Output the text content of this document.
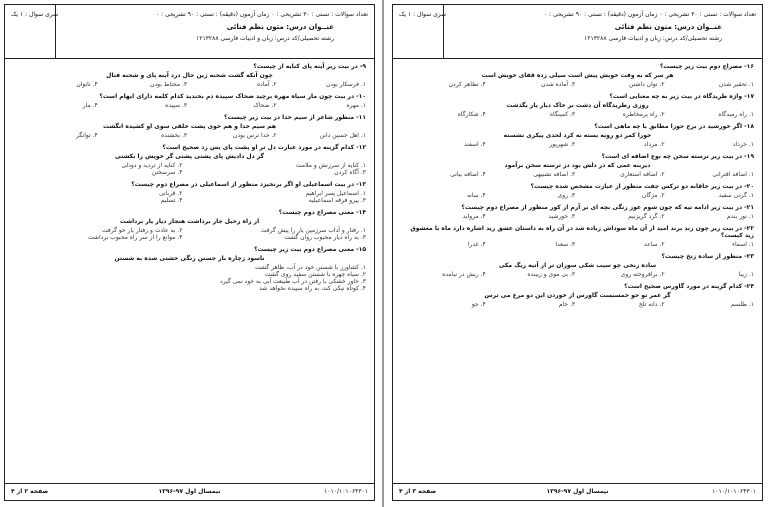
سری سوال : ۱ یک	تعداد سوالات : تستی : ۳۰ تشریحی : ۰ زمان آزمون (دقیقه) : تستی : ۹۰ تشریحی : ۰
عنــوان درس: متون نظم فنائی
رشته تحصیلی/کد درس: زبان و ادبیات فارسی ۱۲۱۳۲۸۸
۹- در بیت زیر آینه پای کنایه از چیست؟
چون آنکه گشت شحنه زین حال درد آینه پای و شحنه فنال
۱. فرسکار بودن
۲. آماده
۳. محتاط بودن
۴. ناتوان
۱۰- در بیت چون مار سیاه مهره برچید ضحاک سپیده دم بخندید کدام کلمه دارای ایهام است؟
۱. مهره
۲. ضحاک
۳. سپیده
۴. مار
۱۱- منظور شاعر از سیم خدا در بیت زیر چیست؟
هم سیم خدا و هم خوی پشت خلقی سوی او کشیده انگشت
۱. اهل حسین دانن
۲. خدا ترس بودن
۳. بخشنده
۴. توانگر
۱۲- کدام گزینه در مورد عبارت دل تر او پشت پای بس زد صحیح است؟
گر دل دادیش پای پشتی پشتی گر خویش را بکشتی
۱. کنایه از سرزنش و ملامت
۲. کنایه از تردید و دودلی
۳. آگاه کردن
۴. سرسختن
۱۳- در بیت اسماعیلی او اگر برنخیزد منظور از اسماعیلی در مصراع دوم چیست؟
۱. اسماعیل پسر ابراهیم
۲. قربانی
۳. پیرو فرقه اسماعیلیه
۴. تسلیم
۱۴- معنی مصراع دوم چیست؟
از راه رحیل جار برداشت هنجار دیار یار برداشت
۱. رفتار و آداب سرزمین یار را پیش گرفت
۲. به عادت و رفتار یار خو گرفت
۳. به راه دیار محبوب روان گشت
۴. موانع را از سر راه محبوب برداشت
۱۵- معنی مصراع دوم بیت زیر چیست؟
ناسود زچاره باز جستن زنگی خشتی شده به شستن
۱. کشاورز با شستن خود در آب، ظاهر گشت
۲. سیاه چهره با شستن سفید روی گشت
۳. خاور خشکی با رفتن در آب طبیعت آبی به خود نمی گیرد
۴. کوتاه نیکی کند، به راه سپیده نخواهد شد
صفحه ۲ از ۴	نیمسال اول ۹۷-۱۳۹۶	۱۰۱۰/۱۰۱۰۶۴۳۰۱
سری سوال : ۱ یک	تعداد سوالات : تستی : ۳۰ تشریحی : ۰ زمان آزمون (دقیقه) : تستی : ۹۰ تشریحی : ۰
عنــوان درس: متون نظم فنائی
رشته تحصیلی/کد درس: زبان و ادبیات فارسی ۱۲۱۳۲۸۸
۱۶- مصراع دوم بیت زیر چیست؟
هر سر که به وقت خویش پیش است سیلی زده قفای خویش است
۱. تحقیر شدن
۲. توان داشتن
۳. آماده شدن
۴. تظاهر کردن
۱۷- واژه طریدگاه در بیت زیر به چه معنایی است؟
روزی رطریدگاه آن دشت بر خاک دیار یار بگذشت
۱. راه رمیدگاه
۲. راه پرمخاطره
۳. کمینگاه
۴. شکارگاه
۱۸- اگر خورشید در برج حوزا مطابق با چه ماهی است؟
حورا کمر دو رویه بسته نه کرد لحدی پیکری نشسته
۱. خرداد
۲. مرداد
۳. شهریور
۴. اسفند
۱۹- در بیت زیر ترسته سخن چه نوع اضافه ای است؟
دیربنه عمی که در دلش بود در ترسته سخن برآمود
۱. اضافه اقترانی
۲. اضافه استعاری
۳. اضافه تشبیهی
۴. اضافه بیانی
۲۰- در بیت زیر خاقانه دو ترکس جفت منظور از عبارت مشخص شده چیست؟
۱. گردن سفید
۲. مژگان
۳. روی
۴. سانه
۲۱- در بیت زیر ادامه تیه که چون شوم عوز زنگی بچه ای بر آرم از کور منظور از مصراع دوم چیست؟
۱. نور بندم
۲. گرد گریزنیم
۳. خورشید
۴. مرواید
۲۲- در بیت زیر چون زند برند امید از آن ماه سوداش زیاده شد در آن راه به داستان عشق زید اشاره دارد ماه با معشوق زید کیست؟
۱. اسماء
۲. ساعد
۳. سعدا
۴. غدرا
۲۳- منظور از ساده زنخ چیست؟
ساده زنخی چو سیب شکی سوزان تر از آتیه ریگ مکی
۱. زیبا
۲. برافروخته روی
۳. بی موی و زیبنده
۴. ریش در نیامده
۲۴- کدام گزینه در مورد گاورس صحیح است؟
گر عمر تو حو خمسیست گاورس از خوردن این دو مرغ می ترس
۱. طلسم
۲. دانه تلخ
۳. خام
۴. جو
صفحه ۳ از ۴	نیمسال اول ۹۷-۱۳۹۶	۱۰۱۰/۱۰۱۰۶۴۳۰۱
